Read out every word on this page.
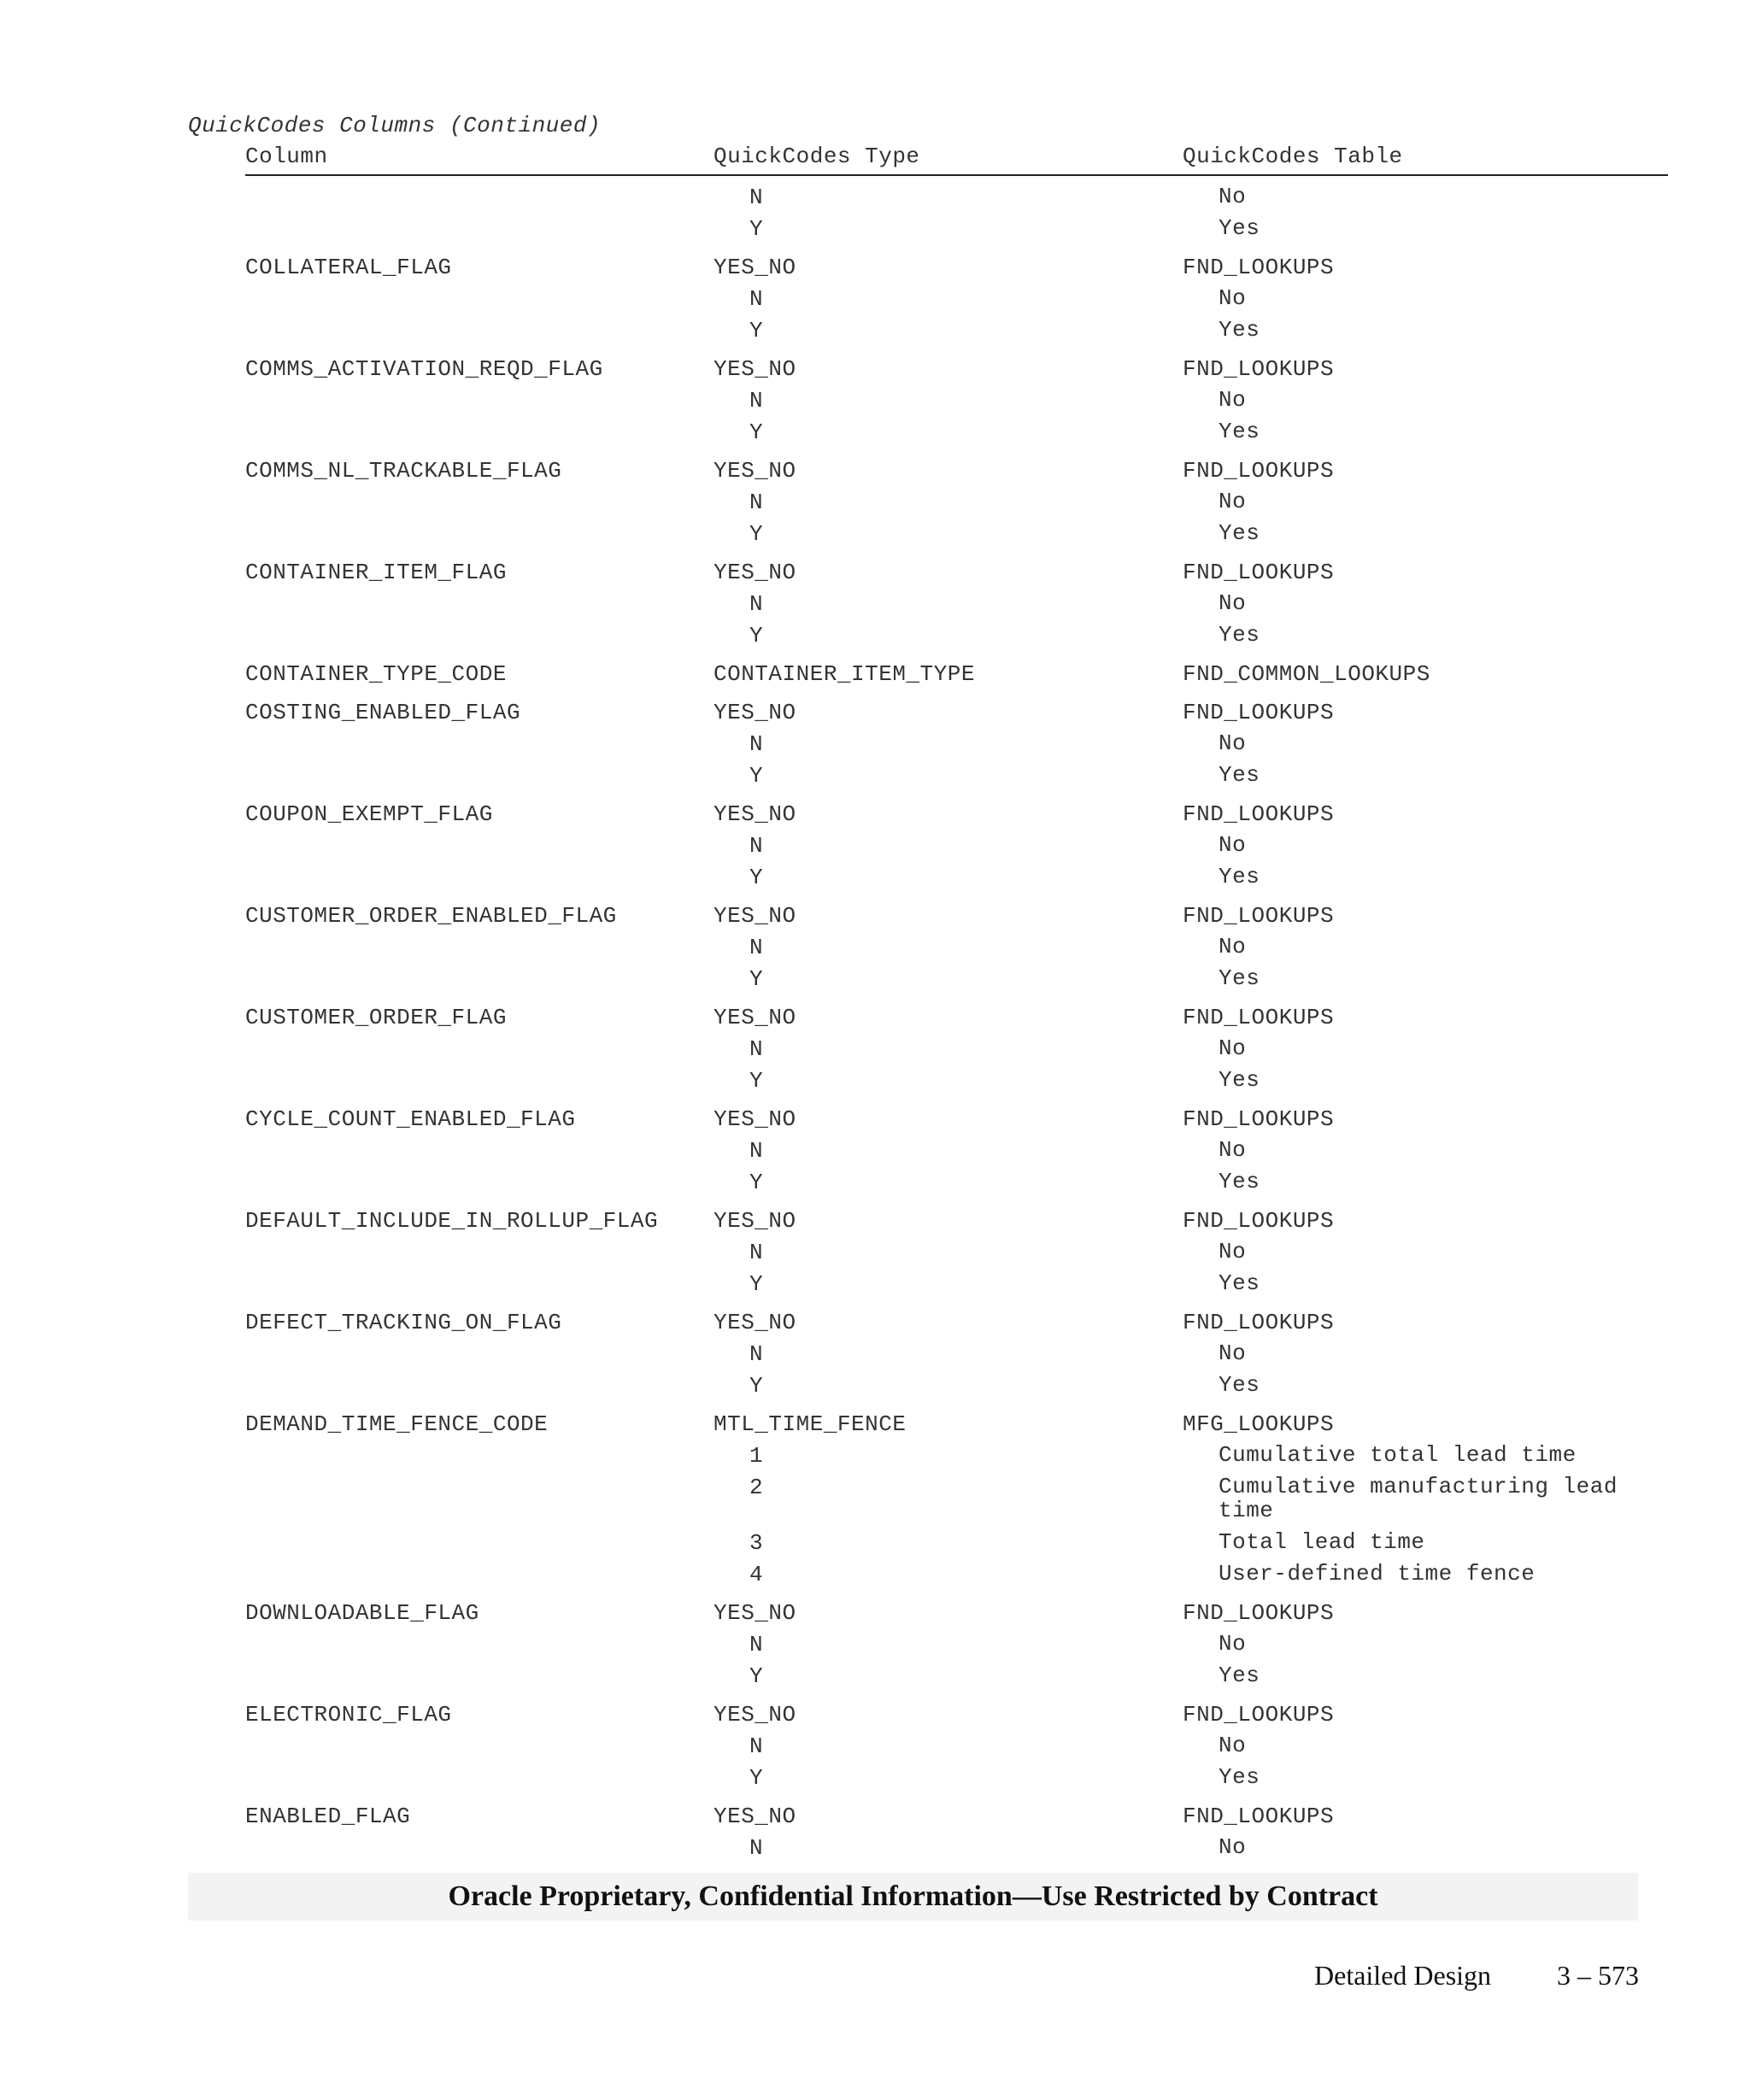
QuickCodes Columns (Continued)
Column	QuickCodes Type	QuickCodes Table
N	No
Y	Yes
COLLATERAL_FLAG	YES_NO	FND_LOOKUPS
N	No
Y	Yes
COMMS_ACTIVATION_REQD_FLAG	YES_NO	FND_LOOKUPS
N	No
Y	Yes
COMMS_NL_TRACKABLE_FLAG	YES_NO	FND_LOOKUPS
N	No
Y	Yes
CONTAINER_ITEM_FLAG	YES_NO	FND_LOOKUPS
N	No
Y	Yes
CONTAINER_TYPE_CODE	CONTAINER_ITEM_TYPE	FND_COMMON_LOOKUPS
COSTING_ENABLED_FLAG	YES_NO	FND_LOOKUPS
N	No
Y	Yes
COUPON_EXEMPT_FLAG	YES_NO	FND_LOOKUPS
N	No
Y	Yes
CUSTOMER_ORDER_ENABLED_FLAG	YES_NO	FND_LOOKUPS
N	No
Y	Yes
CUSTOMER_ORDER_FLAG	YES_NO	FND_LOOKUPS
N	No
Y	Yes
CYCLE_COUNT_ENABLED_FLAG	YES_NO	FND_LOOKUPS
N	No
Y	Yes
DEFAULT_INCLUDE_IN_ROLLUP_FLAG YES_NO	FND_LOOKUPS
N	No
Y	Yes
DEFECT_TRACKING_ON_FLAG	YES_NO	FND_LOOKUPS
N	No
Y	Yes
DEMAND_TIME_FENCE_CODE	MTL_TIME_FENCE	MFG_LOOKUPS
1	Cumulative total lead time
2	Cumulative manufacturing lead time
3	Total lead time
4	User-defined time fence
DOWNLOADABLE_FLAG	YES_NO	FND_LOOKUPS
N	No
Y	Yes
ELECTRONIC_FLAG	YES_NO	FND_LOOKUPS
N	No
Y	Yes
ENABLED_FLAG	YES_NO	FND_LOOKUPS
N	No
Oracle Proprietary, Confidential Information––Use Restricted by Contract
Detailed Design 3 – 573
